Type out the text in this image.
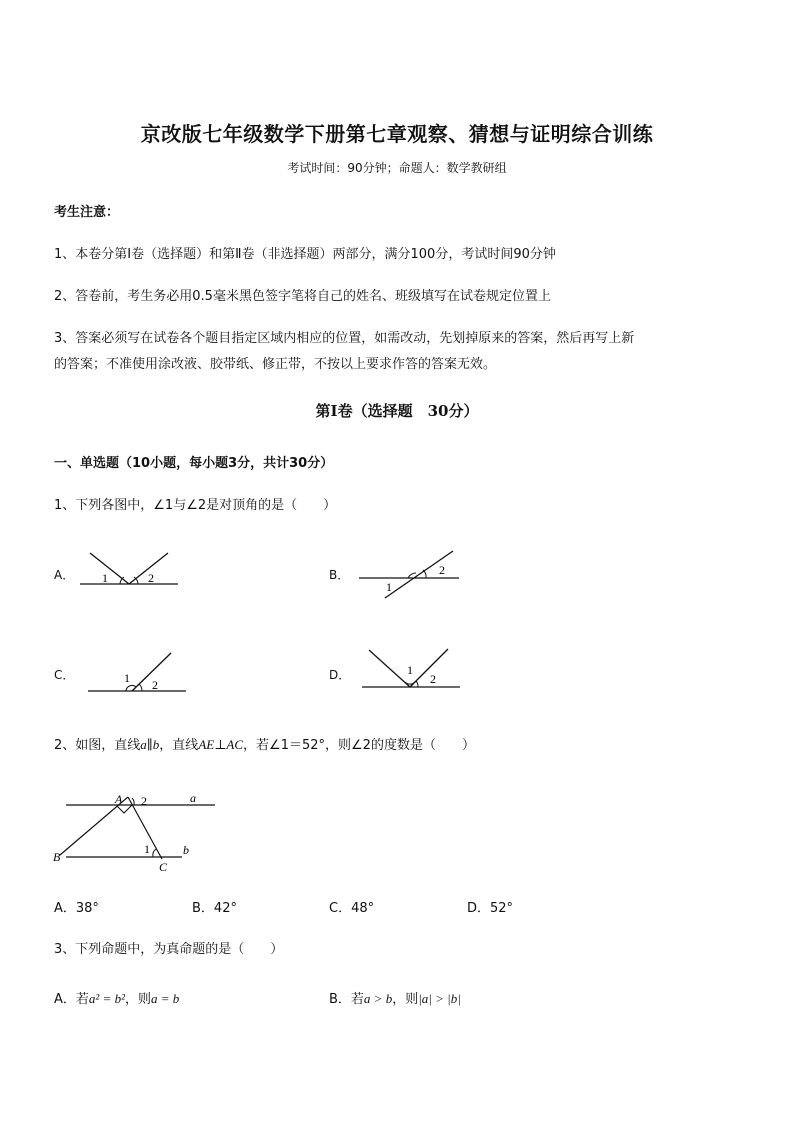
京改版七年级数学下册第七章观察、猜想与证明综合训练
考试时间：90分钟；命题人：数学教研组
考生注意：
1、本卷分第Ⅰ卷（选择题）和第Ⅱ卷（非选择题）两部分，满分100分，考试时间90分钟
2、答卷前，考生务必用0.5毫米黑色签字笔将自己的姓名、班级填写在试卷规定位置上
3、答案必须写在试卷各个题目指定区域内相应的位置，如需改动，先划掉原来的答案，然后再写上新
的答案；不准使用涂改液、胶带纸、修正带，不按以上要求作答的答案无效。
第Ⅰ卷（选择题　30分）
一、单选题（10小题，每小题3分，共计30分）
1、下列各图中，∠1与∠2是对顶角的是（　　）
A． 1	2	B．
1
2
C．	1 2
D．	1
2
2、如图，直线a∥b，直线AE⊥AC，若∠1＝52°，则∠2的度数是（　　）
A 2	a
B
1	b
C
A．38°	B．42°	C．48°	D．52°
3、下列命题中，为真命题的是（　　）
A．若a² = b²，则a = b	B．若a > b，则|a| > |b|
